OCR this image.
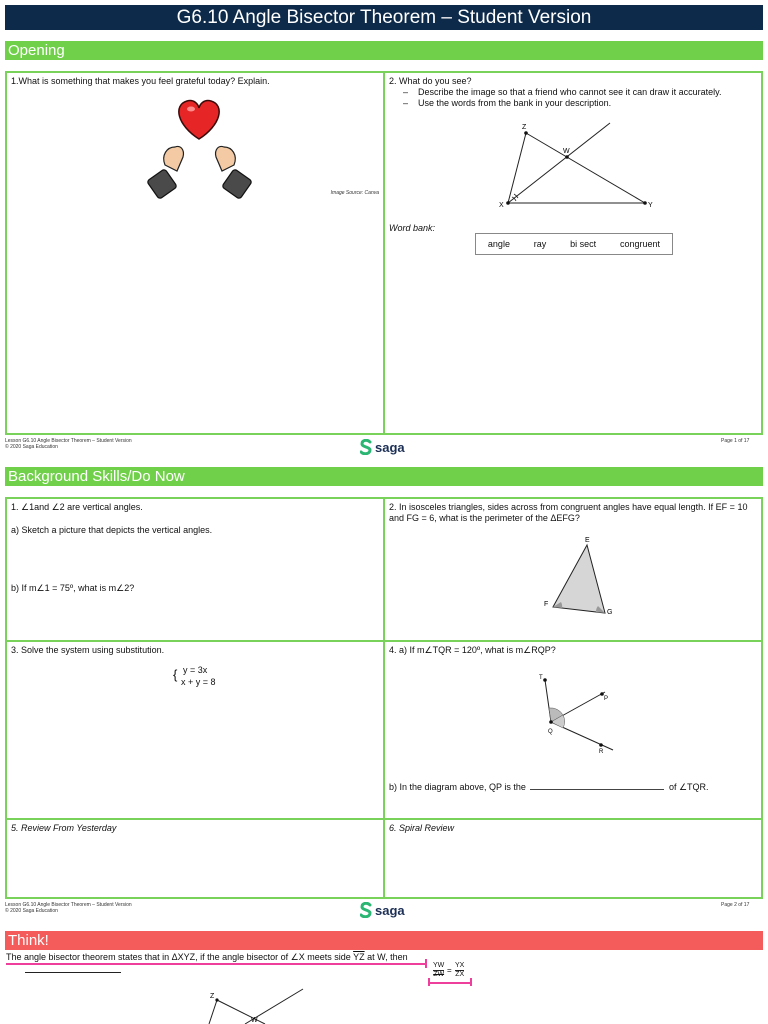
G6.10 Angle Bisector Theorem – Student Version
Opening
1.What is something that makes you feel grateful today? Explain.
Image Source: Canva
2. What do you see?
–    Describe the image so that a friend who cannot see it can draw it accurately.
–    Use the words from the bank in your description.
Z
W
X	Y
Word bank:
angle	ray	bi sect	congruent
Lesson G6.10 Angle Bisector Theorem – Student Version
© 2020 Saga Education	saga	Page 1 of 17
Background Skills/Do Now
1. ∠1and ∠2 are vertical angles.
a) Sketch a picture that depicts the vertical angles.
b) If m∠1 = 75º, what is m∠2?
2. In isosceles triangles, sides across from congruent angles have equal length. If EF = 10 and FG = 6, what is the perimeter of the ΔEFG?
E
F
G
3. Solve the system using substitution.
{ y = 3x
x + y = 8
4. a) If m∠TQR = 120º, what is m∠RQP?
T
P
Q
R
b) In the diagram above, QP is the	of ∠TQR.
5. Review From Yesterday	6. Spiral Review
Lesson G6.10 Angle Bisector Theorem – Student Version
© 2020 Saga Education	saga	Page 2 of 17
Think!
The angle bisector theorem states that in ΔXYZ, if the angle bisector of ∠X meets side $\overline{YZ}$ at W, then
$\frac{YW}{ZW} = \frac{YX}{ZX}$
Z
W
